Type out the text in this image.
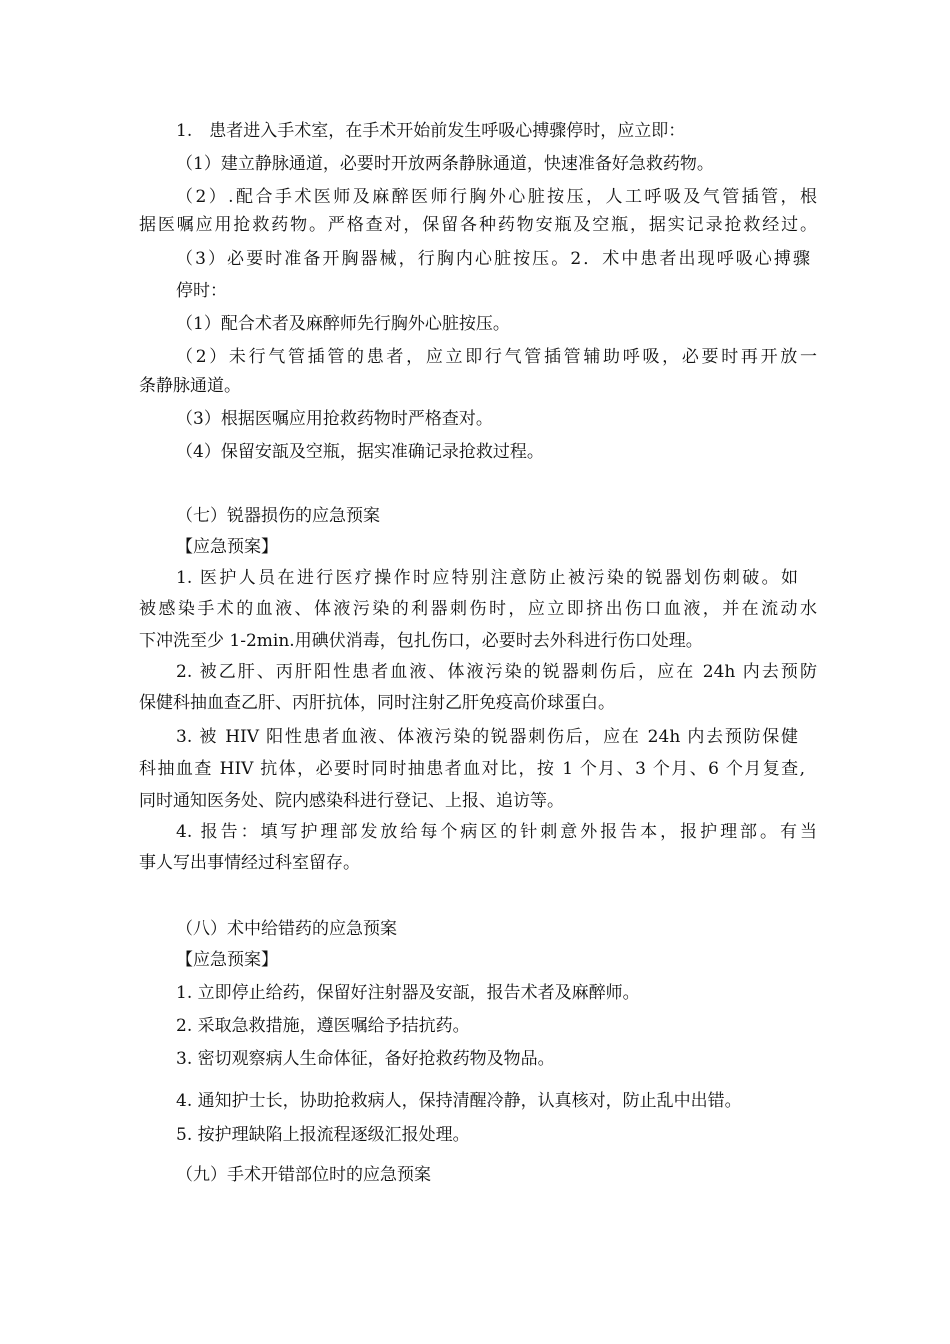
1.　患者进入手术室，在手术开始前发生呼吸心搏骤停时，应立即：
（1）建立静脉通道，必要时开放两条静脉通道，快速准备好急救药物。
（2）.配合手术医师及麻醉医师行胸外心脏按压，人工呼吸及气管插管，根
据医嘱应用抢救药物。严格查对，保留各种药物安瓶及空瓶，据实记录抢救经过。
（3）必要时准备开胸器械，行胸内心脏按压。2．术中患者出现呼吸心搏骤
停时：
（1）配合术者及麻醉师先行胸外心脏按压。
（2）未行气管插管的患者，应立即行气管插管辅助呼吸，必要时再开放一
条静脉通道。
（3）根据医嘱应用抢救药物时严格查对。
（4）保留安瓿及空瓶，据实准确记录抢救过程。
（七）锐器损伤的应急预案
【应急预案】
1. 医护人员在进行医疗操作时应特别注意防止被污染的锐器划伤刺破。如
被感染手术的血液、体液污染的利器刺伤时，应立即挤出伤口血液，并在流动水
下冲洗至少 1-2min.用碘伏消毒，包扎伤口，必要时去外科进行伤口处理。
2. 被乙肝、丙肝阳性患者血液、体液污染的锐器刺伤后，应在 24h 内去预防
保健科抽血查乙肝、丙肝抗体，同时注射乙肝免疫高价球蛋白。
3. 被 HIV 阳性患者血液、体液污染的锐器刺伤后，应在 24h 内去预防保健
科抽血查 HIV 抗体，必要时同时抽患者血对比，按 1 个月、3 个月、6 个月复查,
同时通知医务处、院内感染科进行登记、上报、追访等。
4. 报告：填写护理部发放给每个病区的针刺意外报告本，报护理部。有当
事人写出事情经过科室留存。
（八）术中给错药的应急预案
【应急预案】
1. 立即停止给药，保留好注射器及安瓿，报告术者及麻醉师。
2. 采取急救措施，遵医嘱给予拮抗药。
3. 密切观察病人生命体征，备好抢救药物及物品。
4. 通知护士长，协助抢救病人，保持清醒冷静，认真核对，防止乱中出错。
5. 按护理缺陷上报流程逐级汇报处理。
（九）手术开错部位时的应急预案
